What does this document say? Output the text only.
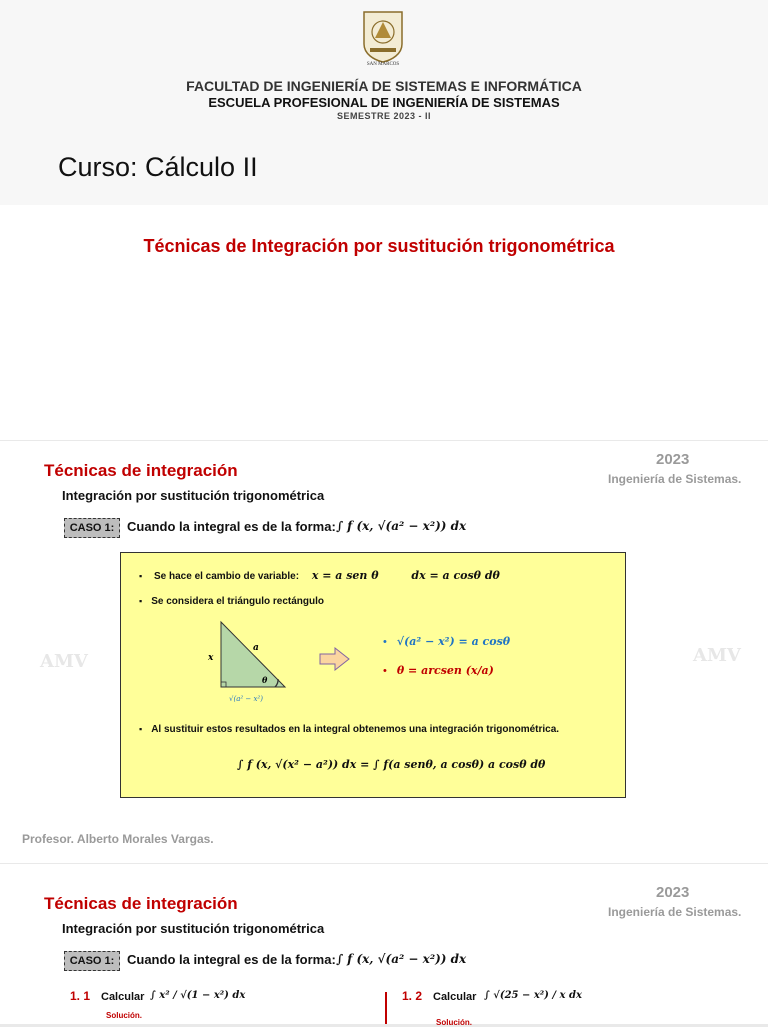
SAN MARCOS
FACULTAD DE INGENIERÍA DE SISTEMAS E INFORMÁTICA
ESCUELA PROFESIONAL DE INGENIERÍA DE SISTEMAS
SEMESTRE 2023 - II
Curso: Cálculo II
Técnicas de Integración por sustitución trigonométrica
Técnicas de integración
2023
Ingeniería de Sistemas.
Integración por sustitución trigonométrica
CASO 1: Cuando la integral es de la forma: ∫ f (x, √(a² − x²)) dx
AMV	AMV
▪ Se hace el cambio de variable: x = a sen θ	dx = a cosθ dθ
▪ Se considera el triángulo rectángulo
x
a
θ
√(a² − x²)
• √(a² − x²) = a cosθ
• θ = arcsen (x/a)
▪ Al sustituir estos resultados en la integral obtenemos una integración trigonométrica.
∫ f (x, √(x² − a²)) dx = ∫ f(a senθ, a cosθ) a cosθ dθ
Profesor. Alberto Morales Vargas.
Técnicas de integración
2023
Ingeniería de Sistemas.
Integración por sustitución trigonométrica
CASO 1: Cuando la integral es de la forma: ∫ f (x, √(a² − x²)) dx
1. 1 Calcular ∫ x² / √(1 − x²) dx
Solución.
1. 2 Calcular ∫ √(25 − x²) / x dx
Solución.
